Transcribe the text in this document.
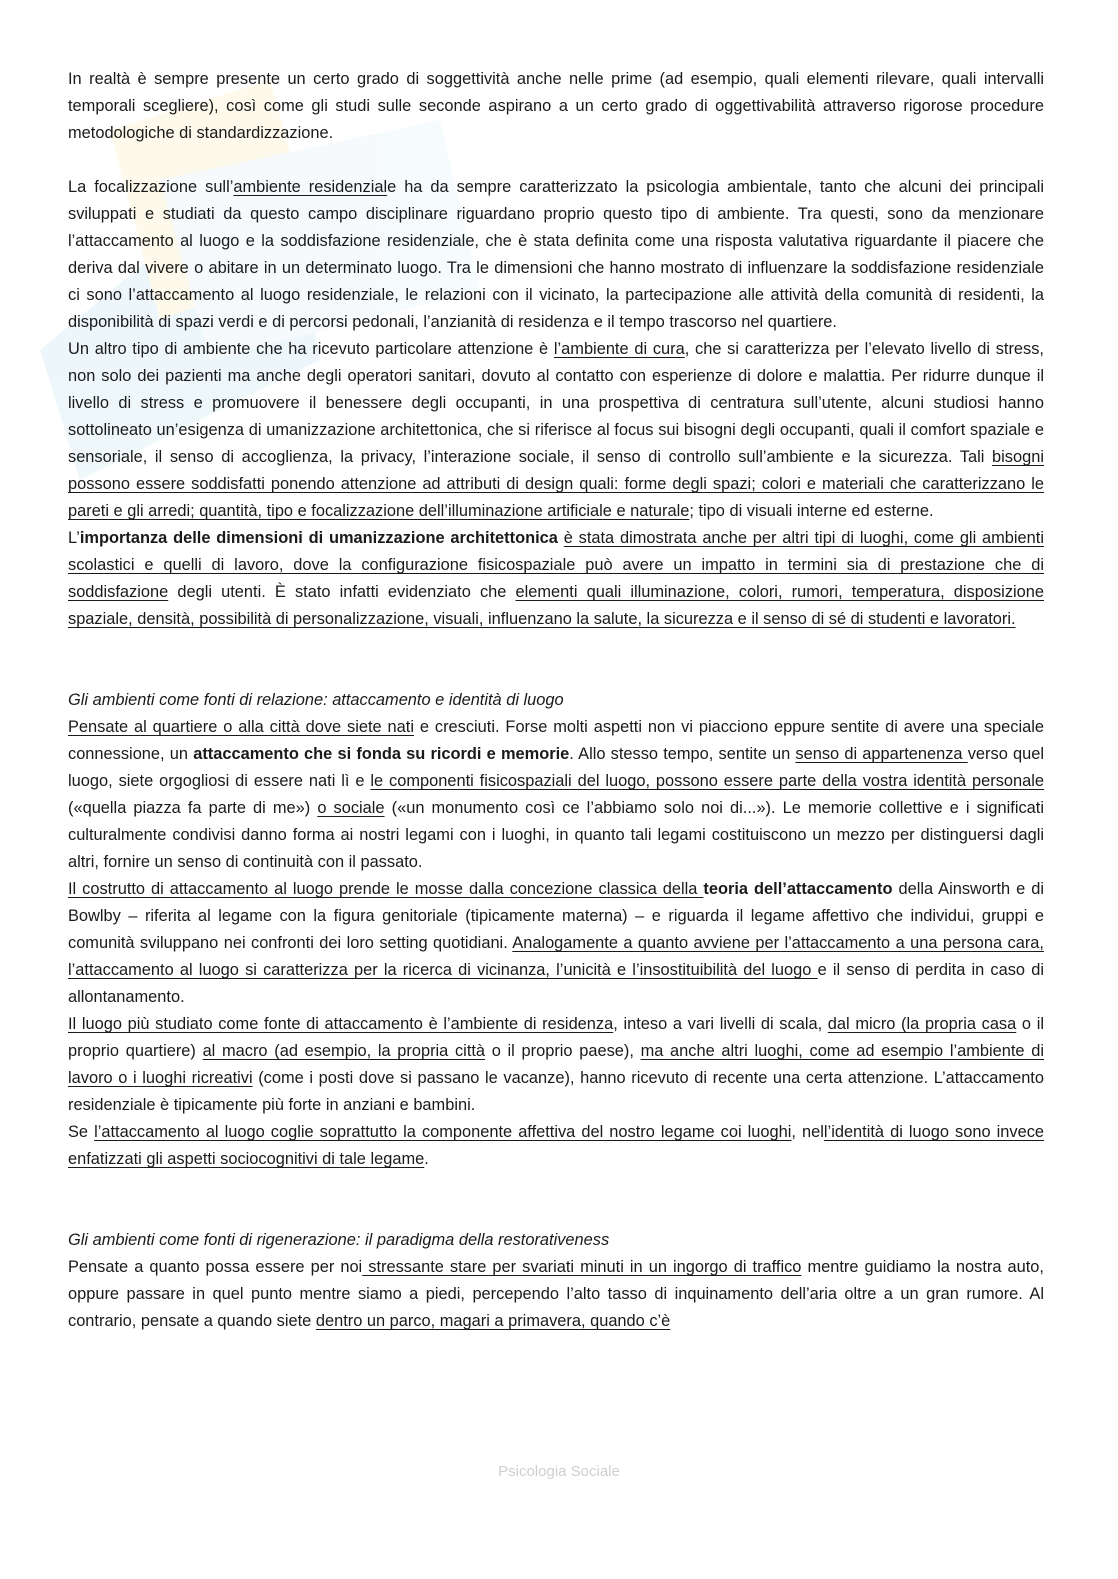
In realtà è sempre presente un certo grado di soggettività anche nelle prime (ad esempio, quali elementi rilevare, quali intervalli temporali scegliere), così come gli studi sulle seconde aspirano a un certo grado di oggettivabilità attraverso rigorose procedure metodologiche di standardizzazione.

La focalizzazione sull’ambiente residenziale ha da sempre caratterizzato la psicologia ambientale, tanto che alcuni dei principali sviluppati e studiati da questo campo disciplinare riguardano proprio questo tipo di ambiente. Tra questi, sono da menzionare l’attaccamento al luogo e la soddisfazione residenziale, che è stata definita come una risposta valutativa riguardante il piacere che deriva dal vivere o abitare in un determinato luogo. Tra le dimensioni che hanno mostrato di influenzare la soddisfazione residenziale ci sono l’attaccamento al luogo residenziale, le relazioni con il vicinato, la partecipazione alle attività della comunità di residenti, la disponibilità di spazi verdi e di percorsi pedonali, l’anzianità di residenza e il tempo trascorso nel quartiere.

Un altro tipo di ambiente che ha ricevuto particolare attenzione è l’ambiente di cura, che si caratterizza per l’elevato livello di stress, non solo dei pazienti ma anche degli operatori sanitari, dovuto al contatto con esperienze di dolore e malattia. Per ridurre dunque il livello di stress e promuovere il benessere degli occupanti, in una prospettiva di centratura sull’utente, alcuni studiosi hanno sottolineato un’esigenza di umanizzazione architettonica, che si riferisce al focus sui bisogni degli occupanti, quali il comfort spaziale e sensoriale, il senso di accoglienza, la privacy, l’interazione sociale, il senso di controllo sull’ambiente e la sicurezza. Tali bisogni possono essere soddisfatti ponendo attenzione ad attributi di design quali: forme degli spazi; colori e materiali che caratterizzano le pareti e gli arredi; quantità, tipo e focalizzazione dell’illuminazione artificiale e naturale; tipo di visuali interne ed esterne.

L’importanza delle dimensioni di umanizzazione architettonica è stata dimostrata anche per altri tipi di luoghi, come gli ambienti scolastici e quelli di lavoro, dove la configurazione fisicospaziale può avere un impatto in termini sia di prestazione che di soddisfazione degli utenti. È stato infatti evidenziato che elementi quali illuminazione, colori, rumori, temperatura, disposizione spaziale, densità, possibilità di personalizzazione, visuali, influenzano la salute, la sicurezza e il senso di sé di studenti e lavoratori.

Gli ambienti come fonti di relazione: attaccamento e identità di luogo

Pensate al quartiere o alla città dove siete nati e cresciuti. Forse molti aspetti non vi piacciono eppure sentite di avere una speciale connessione, un attaccamento che si fonda su ricordi e memorie. Allo stesso tempo, sentite un senso di appartenenza verso quel luogo, siete orgogliosi di essere nati lì e le componenti fisicospaziali del luogo, possono essere parte della vostra identità personale («quella piazza fa parte di me») o sociale («un monumento così ce l’abbiamo solo noi di...»). Le memorie collettive e i significati culturalmente condivisi danno forma ai nostri legami con i luoghi, in quanto tali legami costituiscono un mezzo per distinguersi dagli altri, fornire un senso di continuità con il passato.

Il costrutto di attaccamento al luogo prende le mosse dalla concezione classica della teoria dell’attaccamento della Ainsworth e di Bowlby – riferita al legame con la figura genitoriale (tipicamente materna) – e riguarda il legame affettivo che individui, gruppi e comunità sviluppano nei confronti dei loro setting quotidiani. Analogamente a quanto avviene per l’attaccamento a una persona cara, l’attaccamento al luogo si caratterizza per la ricerca di vicinanza, l’unicità e l’insostituibilità del luogo e il senso di perdita in caso di allontanamento.

Il luogo più studiato come fonte di attaccamento è l’ambiente di residenza, inteso a vari livelli di scala, dal micro (la propria casa o il proprio quartiere) al macro (ad esempio, la propria città o il proprio paese), ma anche altri luoghi, come ad esempio l’ambiente di lavoro o i luoghi ricreativi (come i posti dove si passano le vacanze), hanno ricevuto di recente una certa attenzione. L’attaccamento residenziale è tipicamente più forte in anziani e bambini.

Se l’attaccamento al luogo coglie soprattutto la componente affettiva del nostro legame coi luoghi, nell’identità di luogo sono invece enfatizzati gli aspetti sociocognitivi di tale legame.

Gli ambienti come fonti di rigenerazione: il paradigma della restorativeness

Pensate a quanto possa essere per noi stressante stare per svariati minuti in un ingorgo di traffico mentre guidiamo la nostra auto, oppure passare in quel punto mentre siamo a piedi, percependo l’alto tasso di inquinamento dell’aria oltre a un gran rumore. Al contrario, pensate a quando siete dentro un parco, magari a primavera, quando c’è

Psicologia Sociale
